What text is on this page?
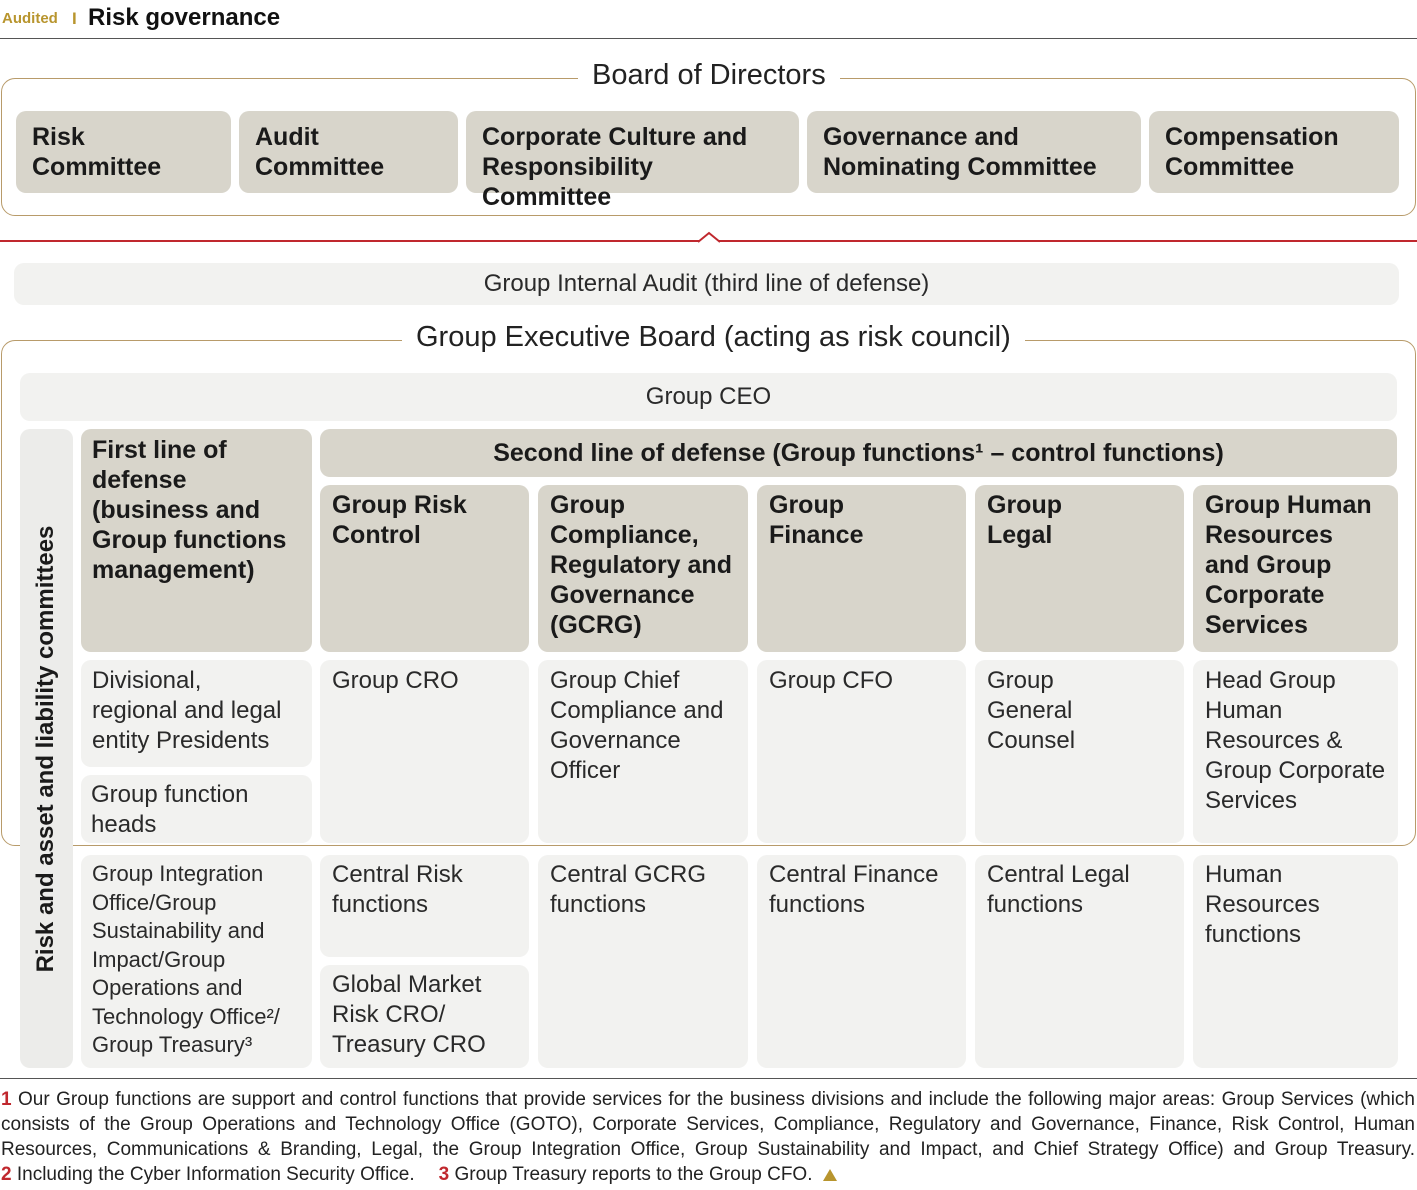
Audited I Risk governance
Board of Directors
Risk
Committee
Audit
Committee
Corporate Culture and
Responsibility Committee
Governance and
Nominating Committee
Compensation
Committee
Group Internal Audit (third line of defense)
Group Executive Board (acting as risk council)
Group CEO
Risk and asset and liability committees
First line of
defense
(business and
Group functions
management)
Divisional,
regional and legal
entity Presidents
Group function
heads
Group Integration
Office/Group
Sustainability and
Impact/Group
Operations and
Technology Office²/
Group Treasury³
Second line of defense (Group functions¹ – control functions)
Group Risk
Control
Group CRO
Central Risk
functions
Global Market
Risk CRO/
Treasury CRO
Group
Compliance,
Regulatory and
Governance
(GCRG)
Group Chief
Compliance and
Governance
Officer
Central GCRG
functions
Group
Finance
Group CFO
Central Finance
functions
Group
Legal
Group
General
Counsel
Central Legal
functions
Group Human
Resources
and Group
Corporate
Services
Head Group
Human
Resources &
Group Corporate
Services
Human
Resources
functions
1 Our Group functions are support and control functions that provide services for the business divisions and include the following major areas: Group Services (which
consists of the Group Operations and Technology Office (GOTO), Corporate Services, Compliance, Regulatory and Governance, Finance, Risk Control, Human
Resources, Communications & Branding, Legal, the Group Integration Office, Group Sustainability and Impact, and Chief Strategy Office) and Group Treasury.
2
Including the Cyber Information Security Office. 3
Group Treasury reports to the Group CFO.
